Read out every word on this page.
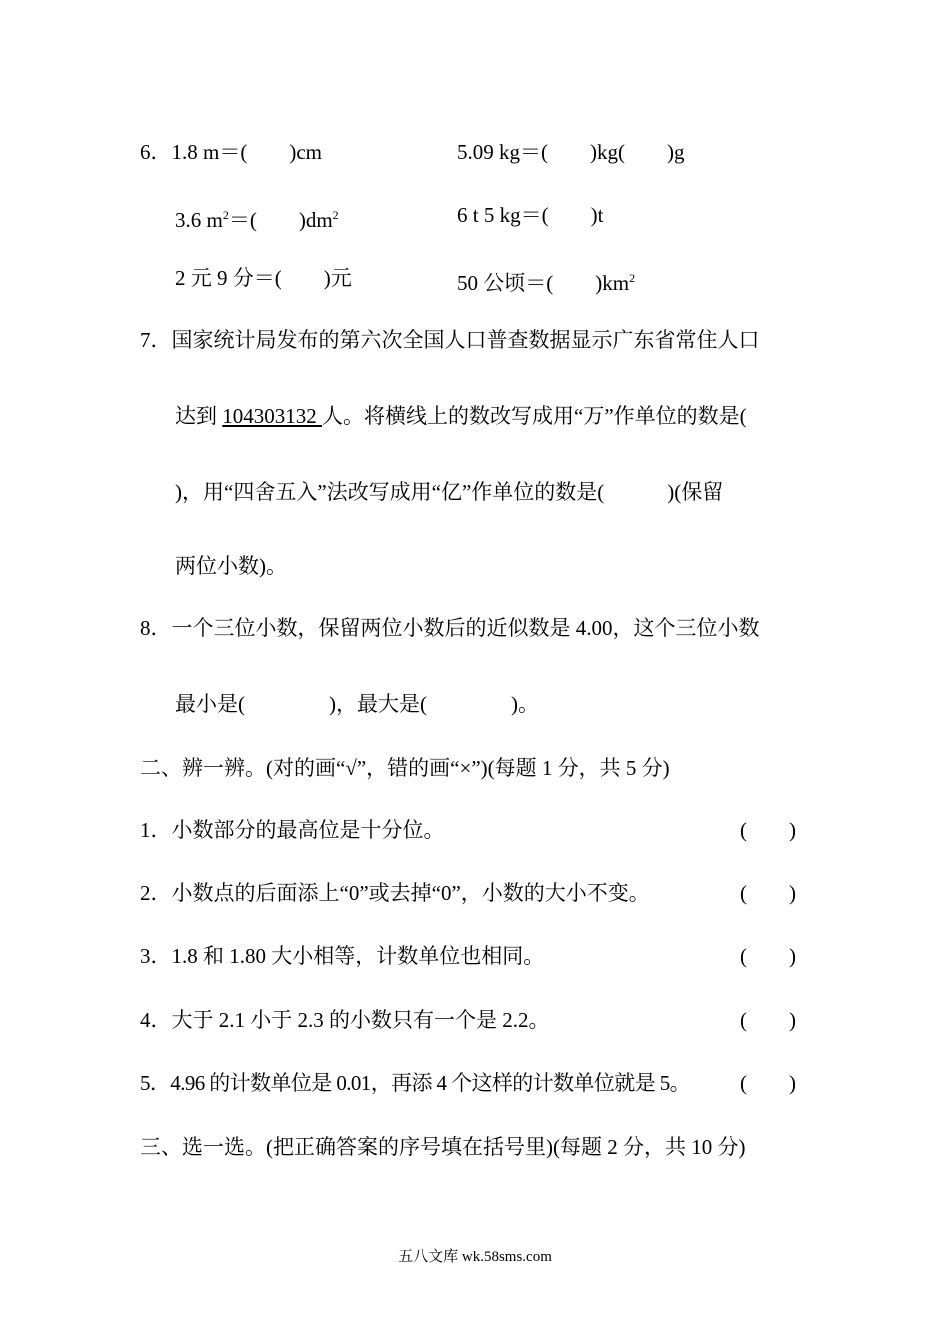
6．1.8 m＝(　　)cm	5.09 kg＝(　　)kg(　　)g
3.6 $m^2=$(　　)$dm^2$	6 t 5 kg＝(　　)t
2 元 9 分＝(　　)元	50 公顷＝(　　)$km^2$
7．国家统计局发布的第六次全国人口普查数据显示广东省常住人口
达到 104303132 人。将横线上的数改写成用“万”作单位的数是(
)，用“四舍五入”法改写成用“亿”作单位的数是(　　　)(保留
两位小数)。
8．一个三位小数，保留两位小数后的近似数是 4.00，这个三位小数
最小是(　　　　)，最大是(　　　　)。
二、辨一辨。(对的画“√”，错的画“×”)(每题 1 分，共 5 分)
1．小数部分的最高位是十分位。	(　　)
2．小数点的后面添上“0”或去掉“0”，小数的大小不变。	(　　)
3．1.8 和 1.80 大小相等，计数单位也相同。	(　　)
4．大于 2.1 小于 2.3 的小数只有一个是 2.2。	(　　)
5．4.96 的计数单位是 0.01，再添 4 个这样的计数单位就是 5。 (　　)
三、选一选。(把正确答案的序号填在括号里)(每题 2 分，共 10 分)
五八文库 wk.58sms.com
